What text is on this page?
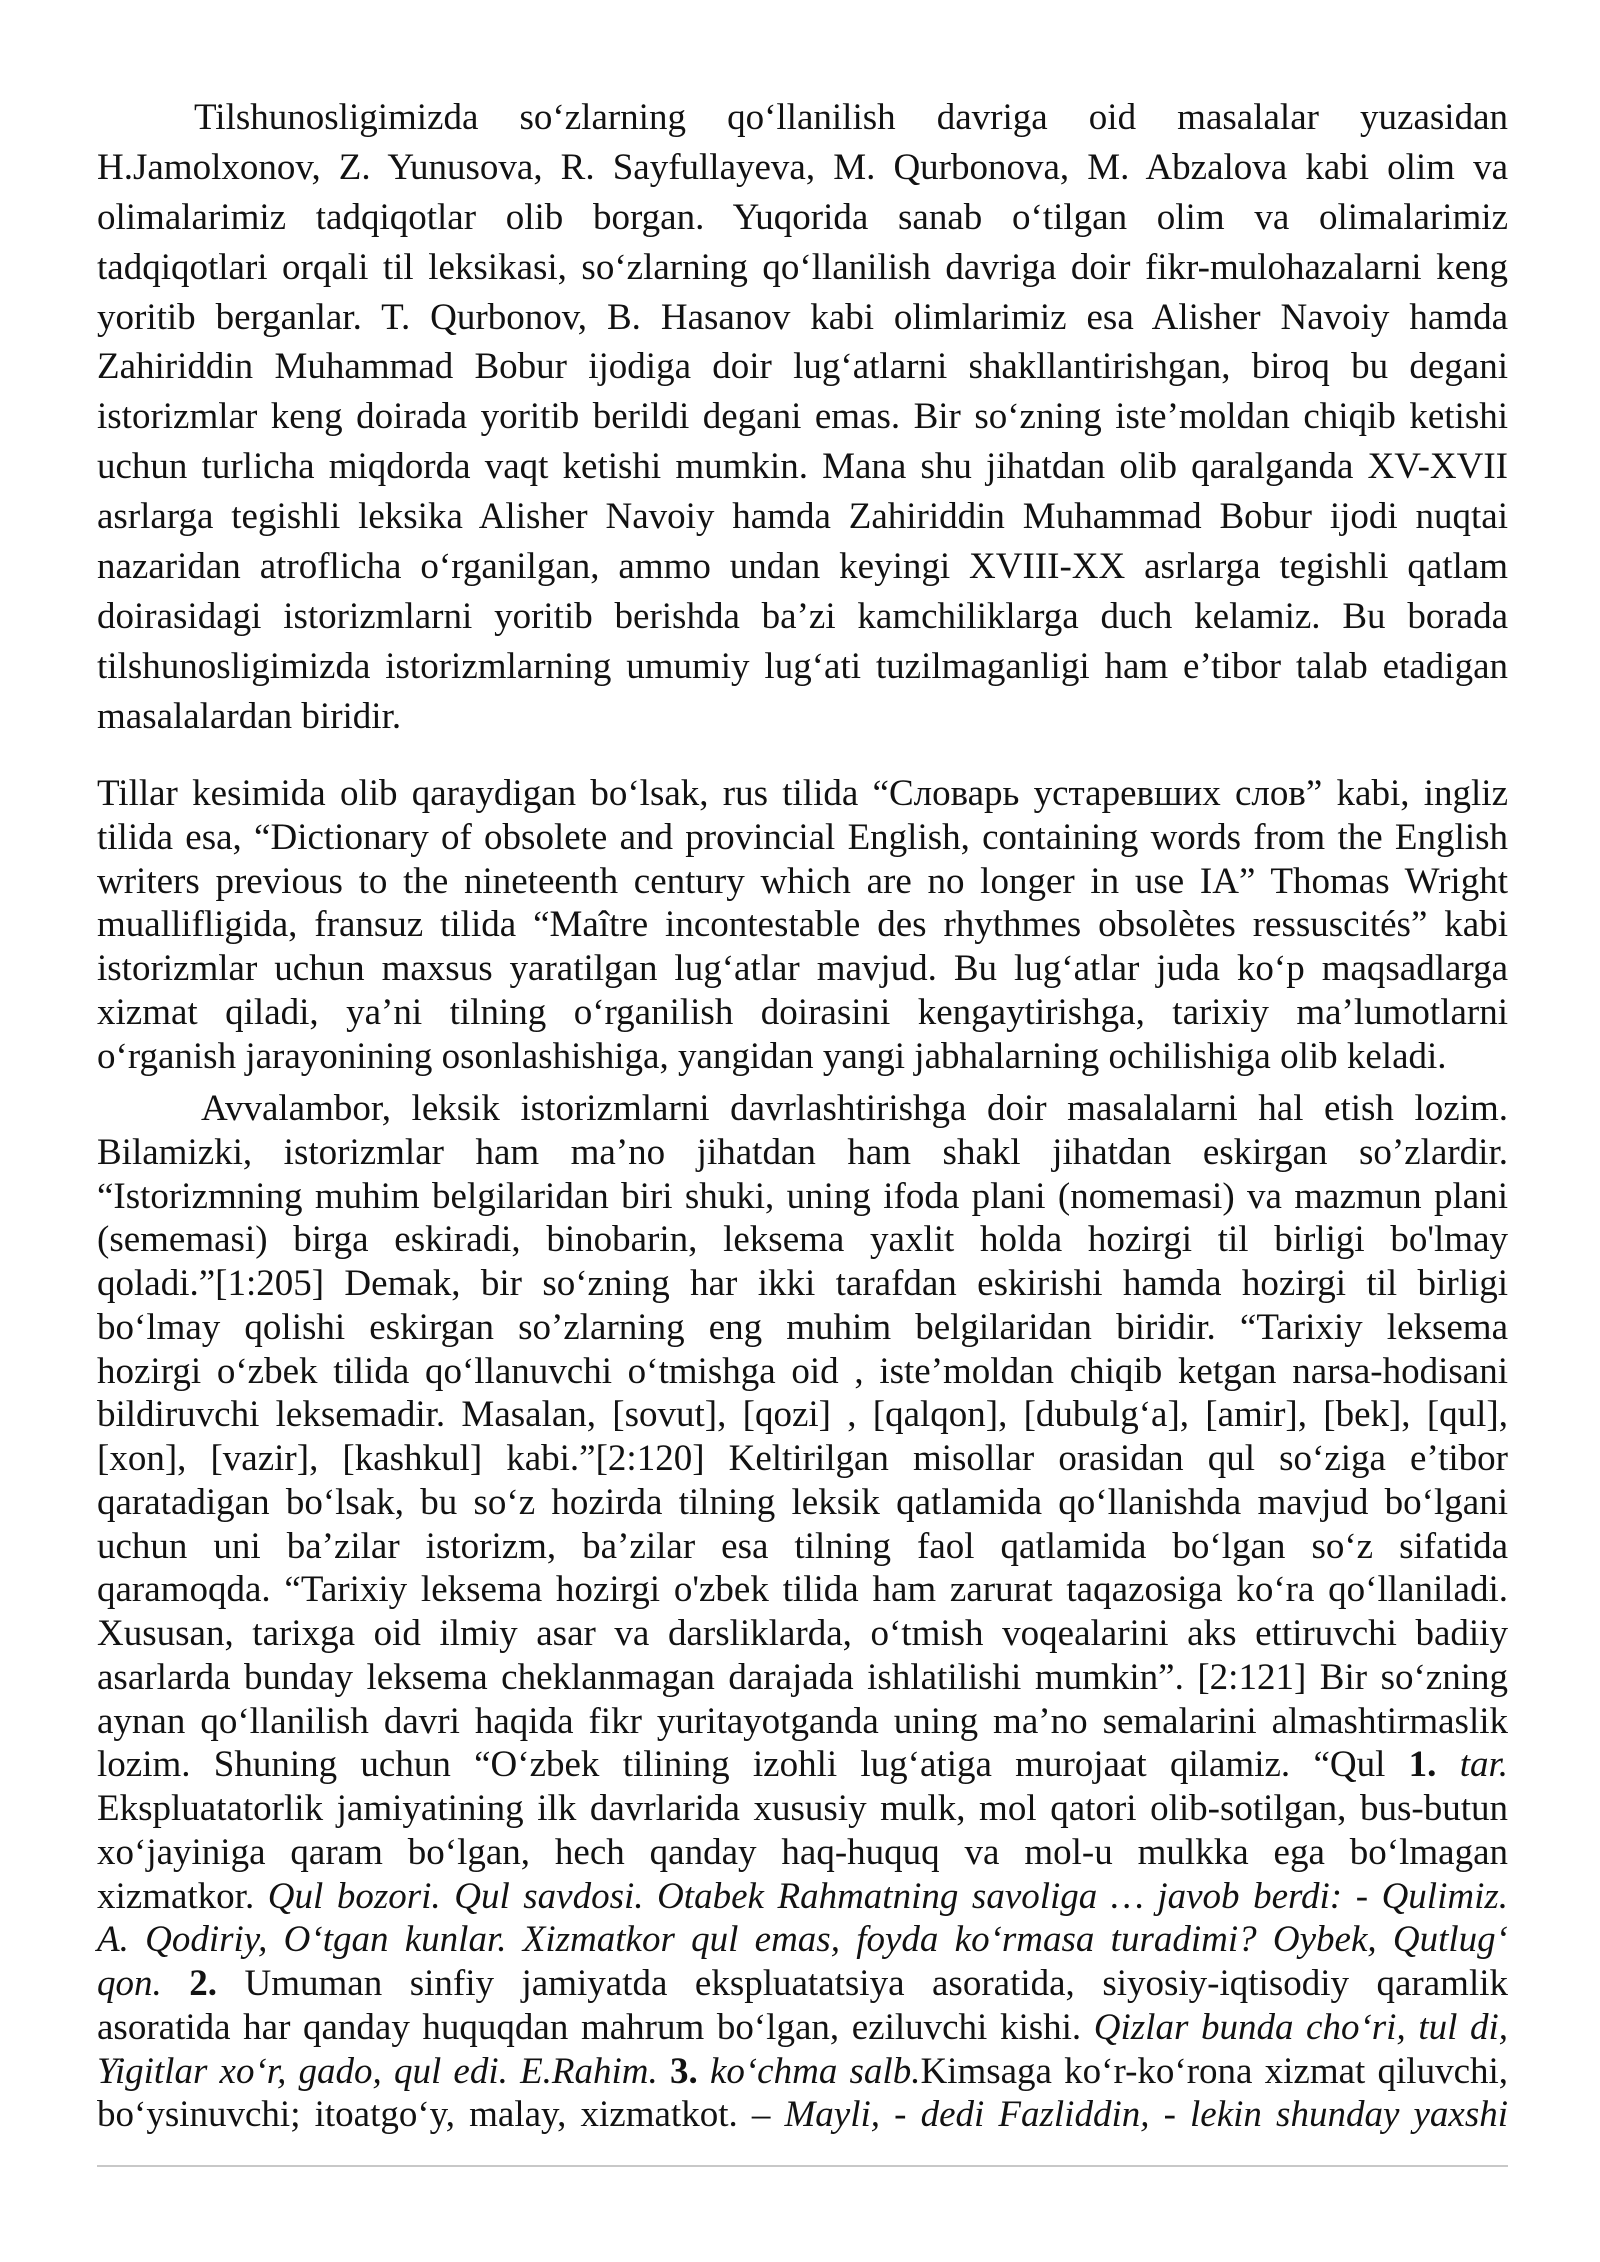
Tilshunosligimizda so‘zlarning qo‘llanilish davriga oid masalalar yuzasidan
H.Jamolxonov, Z. Yunusova, R. Sayfullayeva, M. Qurbonova, M. Abzalova kabi olim va
olimalarimiz tadqiqotlar olib borgan. Yuqorida sanab o‘tilgan olim va olimalarimiz
tadqiqotlari orqali til leksikasi, so‘zlarning qo‘llanilish davriga doir fikr-mulohazalarni keng
yoritib berganlar. T. Qurbonov, B. Hasanov kabi olimlarimiz esa Alisher Navoiy hamda
Zahiriddin Muhammad Bobur ijodiga doir lug‘atlarni shakllantirishgan, biroq bu degani
istorizmlar keng doirada yoritib berildi degani emas. Bir so‘zning iste’moldan chiqib ketishi
uchun turlicha miqdorda vaqt ketishi mumkin. Mana shu jihatdan olib qaralganda XV-XVII
asrlarga tegishli leksika Alisher Navoiy hamda Zahiriddin Muhammad Bobur ijodi nuqtai
nazaridan atroflicha o‘rganilgan, ammo undan keyingi XVIII-XX asrlarga tegishli qatlam
doirasidagi istorizmlarni yoritib berishda ba’zi kamchiliklarga duch kelamiz. Bu borada
tilshunosligimizda istorizmlarning umumiy lug‘ati tuzilmaganligi ham e’tibor talab etadigan
masalalardan biridir.
Tillar kesimida olib qaraydigan bo‘lsak, rus tilida “Словарь устаревших слов” kabi, ingliz
tilida esa, “Dictionary of obsolete and provincial English, containing words from the English
writers previous to the nineteenth century which are no longer in use IA” Thomas Wright
muallifligida, fransuz tilida “Maître incontestable des rhythmes obsolètes ressuscités” kabi
istorizmlar uchun maxsus yaratilgan lug‘atlar mavjud. Bu lug‘atlar juda ko‘p maqsadlarga
xizmat qiladi, ya’ni tilning o‘rganilish doirasini kengaytirishga, tarixiy ma’lumotlarni
o‘rganish jarayonining osonlashishiga, yangidan yangi jabhalarning ochilishiga olib keladi.
Avvalambor, leksik istorizmlarni davrlashtirishga doir masalalarni hal etish lozim.
Bilamizki, istorizmlar ham ma’no jihatdan ham shakl jihatdan eskirgan so’zlardir.
“Istorizmning muhim belgilaridan biri shuki, uning ifoda plani (nomemasi) va mazmun plani
(sememasi) birga eskiradi, binobarin, leksema yaxlit holda hozirgi til birligi bo'lmay
qoladi.”[1:205] Demak, bir so‘zning har ikki tarafdan eskirishi hamda hozirgi til birligi
bo‘lmay qolishi eskirgan so’zlarning eng muhim belgilaridan biridir. “Tarixiy leksema
hozirgi o‘zbek tilida qo‘llanuvchi o‘tmishga oid , iste’moldan chiqib ketgan narsa-hodisani
bildiruvchi leksemadir. Masalan, [sovut], [qozi] , [qalqon], [dubulg‘a], [amir], [bek], [qul],
[xon], [vazir], [kashkul] kabi.”[2:120] Keltirilgan misollar orasidan qul so‘ziga e’tibor
qaratadigan bo‘lsak, bu so‘z hozirda tilning leksik qatlamida qo‘llanishda mavjud bo‘lgani
uchun uni ba’zilar istorizm, ba’zilar esa tilning faol qatlamida bo‘lgan so‘z sifatida
qaramoqda. “Tarixiy leksema hozirgi o'zbek tilida ham zarurat taqazosiga ko‘ra qo‘llaniladi.
Xususan, tarixga oid ilmiy asar va darsliklarda, o‘tmish voqealarini aks ettiruvchi badiiy
asarlarda bunday leksema cheklanmagan darajada ishlatilishi mumkin”. [2:121] Bir so‘zning
aynan qo‘llanilish davri haqida fikr yuritayotganda uning ma’no semalarini almashtirmaslik
lozim. Shuning uchun “O‘zbek tilining izohli lug‘atiga murojaat qilamiz. “Qul 1. tar.
Ekspluatatorlik jamiyatining ilk davrlarida xususiy mulk, mol qatori olib-sotilgan, bus-butun
xo‘jayiniga qaram bo‘lgan, hech qanday haq-huquq va mol-u mulkka ega bo‘lmagan
xizmatkor. Qul bozori. Qul savdosi. Otabek Rahmatning savoliga … javob berdi: - Qulimiz.
A. Qodiriy, O‘tgan kunlar. Xizmatkor qul emas, foyda ko‘rmasa turadimi? Oybek, Qutlug‘
qon. 2. Umuman sinfiy jamiyatda ekspluatatsiya asoratida, siyosiy-iqtisodiy qaramlik
asoratida har qanday huquqdan mahrum bo‘lgan, eziluvchi kishi. Qizlar bunda cho‘ri, tul di,
Yigitlar xo‘r, gado, qul edi. E.Rahim. 3. ko‘chma salb.Kimsaga ko‘r-ko‘rona xizmat qiluvchi,
bo‘ysinuvchi; itoatgo‘y, malay, xizmatkot. – Mayli, - dedi Fazliddin, - lekin shunday yaxshi
